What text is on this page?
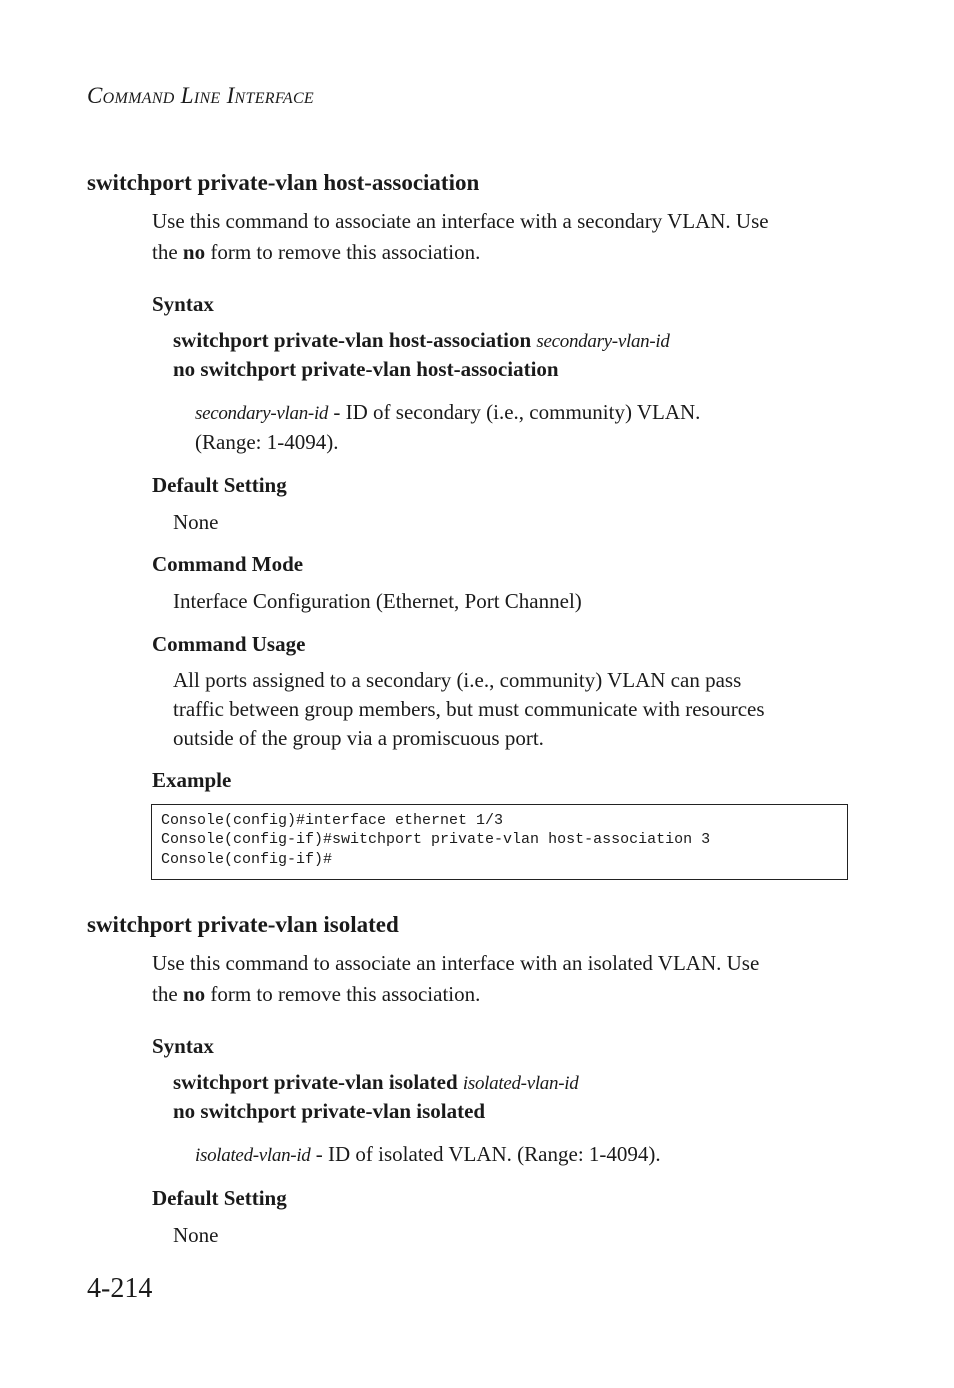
COMMAND LINE INTERFACE
switchport private-vlan host-association
Use this command to associate an interface with a secondary VLAN. Use
the no form to remove this association.
Syntax
switchport private-vlan host-association secondary-vlan-id
no switchport private-vlan host-association
secondary-vlan-id - ID of secondary (i.e., community) VLAN.
(Range: 1-4094).
Default Setting
None
Command Mode
Interface Configuration (Ethernet, Port Channel)
Command Usage
All ports assigned to a secondary (i.e., community) VLAN can pass
traffic between group members, but must communicate with resources
outside of the group via a promiscuous port.
Example
Console(config)#interface ethernet 1/3
Console(config-if)#switchport private-vlan host-association 3
Console(config-if)#
switchport private-vlan isolated
Use this command to associate an interface with an isolated VLAN. Use
the no form to remove this association.
Syntax
switchport private-vlan isolated isolated-vlan-id
no switchport private-vlan isolated
isolated-vlan-id - ID of isolated VLAN. (Range: 1-4094).
Default Setting
None
4-214
